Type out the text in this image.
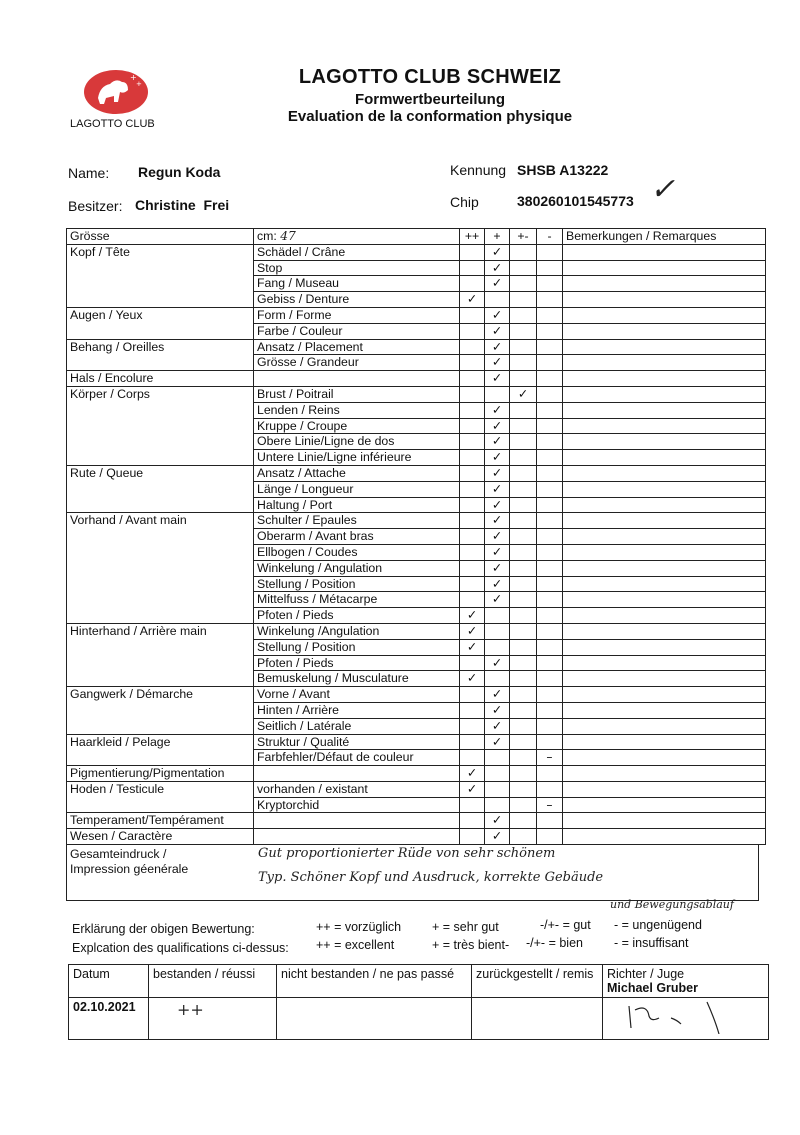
+
+
LAGOTTO CLUB
LAGOTTO CLUB SCHWEIZ
Formwertbeurteilung
Evaluation de la conformation physique
Name: Regun Koda
Besitzer: Christine  Frei
Kennung SHSB A13222
Chip	380260101545773 ✓
Grösse	cm: 47	++	+	+-	-	Bemerkungen / Remarques
Kopf / Tête	Schädel / Crâne		✓			
	Stop		✓			
	Fang / Museau		✓			
	Gebiss / Denture	✓				
Augen / Yeux	Form / Forme		✓			
	Farbe / Couleur		✓			
Behang / Oreilles	Ansatz / Placement		✓			
	Grösse / Grandeur		✓			
Hals / Encolure			✓			
Körper / Corps	Brust / Poitrail			✓		
	Lenden / Reins		✓			
	Kruppe / Croupe		✓			
	Obere Linie/Ligne de dos		✓			
	Untere Linie/Ligne inférieure		✓			
Rute / Queue	Ansatz / Attache		✓			
	Länge / Longueur		✓			
	Haltung / Port		✓			
Vorhand / Avant main	Schulter / Epaules		✓			
	Oberarm / Avant bras		✓			
	Ellbogen / Coudes		✓			
	Winkelung / Angulation		✓			
	Stellung / Position		✓			
	Mittelfuss / Métacarpe		✓			
	Pfoten / Pieds	✓				
Hinterhand / Arrière main	Winkelung /Angulation	✓				
	Stellung / Position	✓				
	Pfoten / Pieds		✓			
	Bemuskelung / Musculature	✓				
Gangwerk / Démarche	Vorne / Avant		✓			
	Hinten / Arrière		✓			
	Seitlich / Latérale		✓			
Haarkleid / Pelage	Struktur / Qualité		✓			
	Farbfehler/Défaut de couleur				–	
Pigmentierung/Pigmentation		✓				
Hoden / Testicule	vorhanden / existant	✓				
	Kryptorchid				–	
Temperament/Tempérament			✓			
Wesen / Caractère			✓			
Gesamteindruck /
Impression géenérale
Gut proportionierter Rüde von sehr schönem
Typ. Schöner Kopf und Ausdruck, korrekte Gebäude
und Bewegungsablauf
Erklärung der obigen Bewertung:	++ = vorzüglich + = sehr gut	-/+- = gut - = ungenügend
Explcation des qualifications ci-dessus: ++ = excellent	+ = très bient- -/+- = bien - = insuffisant
Datum	bestanden / réussi	nicht bestanden / ne pas passé	zurückgestellt / remis	Richter / Juge
Michael Gruber

02.10.2021	++			
